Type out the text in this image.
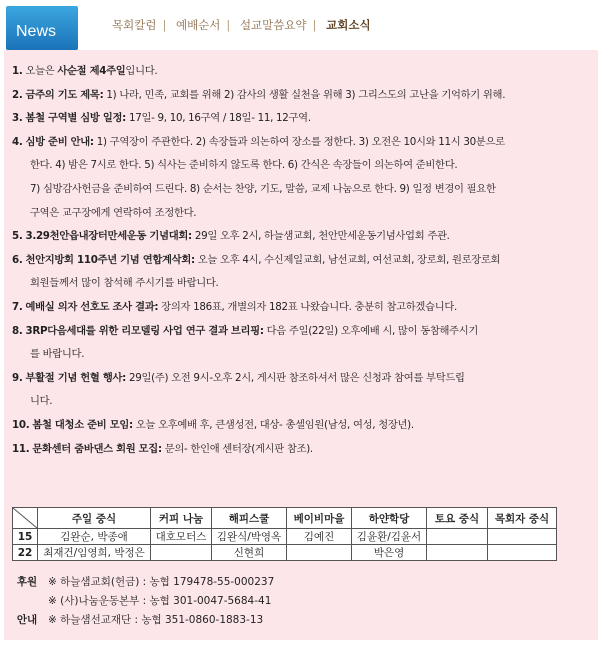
News	목회칼럼 | 예배순서 | 설교말씀요약 | 교회소식
1. 오늘은 사순절 제4주일입니다.
2. 금주의 기도 제목: 1) 나라, 민족, 교회를 위해 2) 감사의 생활 실천을 위해 3) 그리스도의 고난을 기억하기 위해.
3. 봄철 구역별 심방 일정: 17일- 9, 10, 16구역 / 18일- 11, 12구역.
4. 심방 준비 안내: 1) 구역장이 주관한다. 2) 속장들과 의논하여 장소를 정한다. 3) 오전은 10시와 11시 30분으로
한다. 4) 밤은 7시로 한다. 5) 식사는 준비하지 않도록 한다. 6) 간식은 속장들이 의논하여 준비한다.
7) 심방감사헌금을 준비하여 드린다. 8) 순서는 찬양, 기도, 말씀, 교제 나눔으로 한다. 9) 일정 변경이 필요한
구역은 교구장에게 연락하여 조정한다.
5. 3.29천안읍내장터만세운동 기념대회: 29일 오후 2시, 하늘샘교회, 천안만세운동기념사업회 주관.
6. 천안지방회 110주년 기념 연합계삭회: 오늘 오후 4시, 수신제일교회, 남선교회, 여선교회, 장로회, 원로장로회
회원들께서 많이 참석해 주시기를 바랍니다.
7. 예배실 의자 선호도 조사 결과: 장의자 186표, 개별의자 182표 나왔습니다. 충분히 참고하겠습니다.
8. 3RP다음세대를 위한 리모델링 사업 연구 결과 브리핑: 다음 주일(22일) 오후예배 시, 많이 동참해주시기
를 바랍니다.
9. 부활절 기념 헌혈 행사: 29일(주) 오전 9시-오후 2시, 게시판 참조하셔서 많은 신청과 참여를 부탁드립
니다.
10. 봄철 대청소 준비 모임: 오늘 오후예배 후, 큰샘성전, 대상- 총셀임원(남성, 여성, 청장년).
11. 문화센터 줌바댄스 회원 모집: 문의- 한인애 센터장(게시판 참조).
	주일 중식	커피 나눔	해피스쿨	베이비마을	하얀학당	토요 중식	목회자 중식
15	김완순, 박종애	대호모터스	김완식/박영옥	김예진	김윤환/김윤서		
22	최재건/임영희, 박정은		신현희		박은영		
후원
안내
※ 하늘샘교회(헌금) : 농협 179478-55-000237
※ (사)나눔운동본부 : 농협 301-0047-5684-41
※ 하늘샘선교재단 : 농협 351-0860-1883-13
